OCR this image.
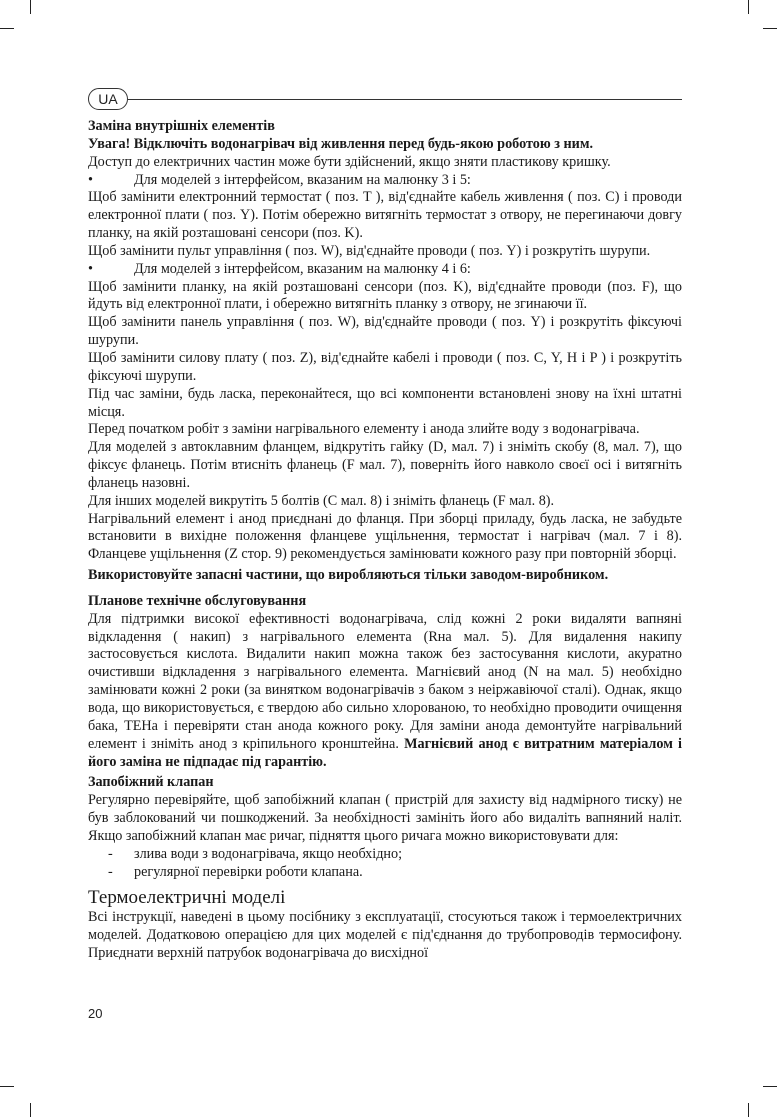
UA
Заміна внутрішніх елементів

Увага! Відключіть водонагрівач від живлення перед будь-якою роботою з ним.

Доступ до електричних частин може бути здійснений, якщо зняти пластикову кришку.

•	Для моделей з інтерфейсом, вказаним на малюнку 3 і 5:

Щоб замінити електронний термостат ( поз. T ), від'єднайте кабель живлення ( поз. C) і проводи електронної плати ( поз. Y). Потім обережно витягніть термостат з отвору, не перегинаючи довгу планку, на якій розташовані сенсори (поз. K).

Щоб замінити пульт управління ( поз. W), від'єднайте проводи ( поз. Y) і розкрутіть шурупи.

•	Для моделей з інтерфейсом, вказаним на малюнку 4 і 6:

Щоб замінити планку, на якій розташовані сенсори (поз. K), від'єднайте проводи (поз. F), що йдуть від електронної плати, і обережно витягніть планку з отвору, не згинаючи її.

Щоб замінити панель управління ( поз. W), від'єднайте проводи ( поз. Y) і розкрутіть фіксуючі шурупи.

Щоб замінити силову плату ( поз. Z), від'єднайте кабелі і проводи ( поз. C, Y, H і P ) і розкрутіть фіксуючі шурупи.

Під час заміни, будь ласка, переконайтеся, що всі компоненти встановлені знову на їхні штатні місця.

Перед початком робіт з заміни нагрівального елементу і анода злийте воду з водонагрівача.

Для моделей з автоклавним фланцем, відкрутіть гайку (D, мал. 7) і зніміть скобу (8, мал. 7), що фіксує фланець. Потім втисніть фланець (F мал. 7), поверніть його навколо своєї осі і витягніть фланець назовні.

Для інших моделей викрутіть 5 болтів (С мал. 8) і зніміть фланець (F мал. 8).

Нагрівальний елемент і анод приєднані до фланця. При зборці приладу, будь ласка, не забудьте встановити в вихідне положення фланцеве ущільнення, термостат і нагрівач (мал. 7 і 8). Фланцеве ущільнення (Z стор. 9) рекомендується замінювати кожного разу при повторній зборці.

Використовуйте запасні частини, що виробляються тільки заводом-виробником.

Планове технічне обслуговування

Для підтримки високої ефективності водонагрівача, слід кожні 2 роки видаляти вапняні відкладення ( накип) з нагрівального елемента (Rна мал. 5). Для видалення накипу застосовується кислота. Видалити накип можна також без застосування кислоти, акуратно очистивши відкладення з нагрівального елемента. Магнієвий анод (N на мал. 5) необхідно замінювати кожні 2 роки (за винятком водонагрівачів з баком з неіржавіючої сталі). Однак, якщо вода, що використовується, є твердою або сильно хлорованою, то необхідно проводити очищення бака, ТЕНа і перевіряти стан анода кожного року. Для заміни анода демонтуйте нагрівальний елемент і зніміть анод з кріпильного кронштейна. Магнієвий анод є витратним матеріалом і його заміна не підпадає під гарантію.

Запобіжний клапан

Регулярно перевіряйте, щоб запобіжний клапан ( пристрій для захисту від надмірного тиску) не був заблокований чи пошкоджений. За необхідності замініть його або видаліть вапняний наліт. Якщо запобіжний клапан має ричаг, підняття цього ричага можно використовувати для:

-	злива води з водонагрівача, якщо необхідно;
-	регулярної перевірки роботи клапана.
Термоелектричні моделі

Всі інструкції, наведені в цьому посібнику з експлуатації, стосуються також і термоелектричних моделей. Додатковою операцією для цих моделей є під'єднання до трубопроводів термосифону. Приєднати верхній патрубок водонагрівача до висхідної

20
